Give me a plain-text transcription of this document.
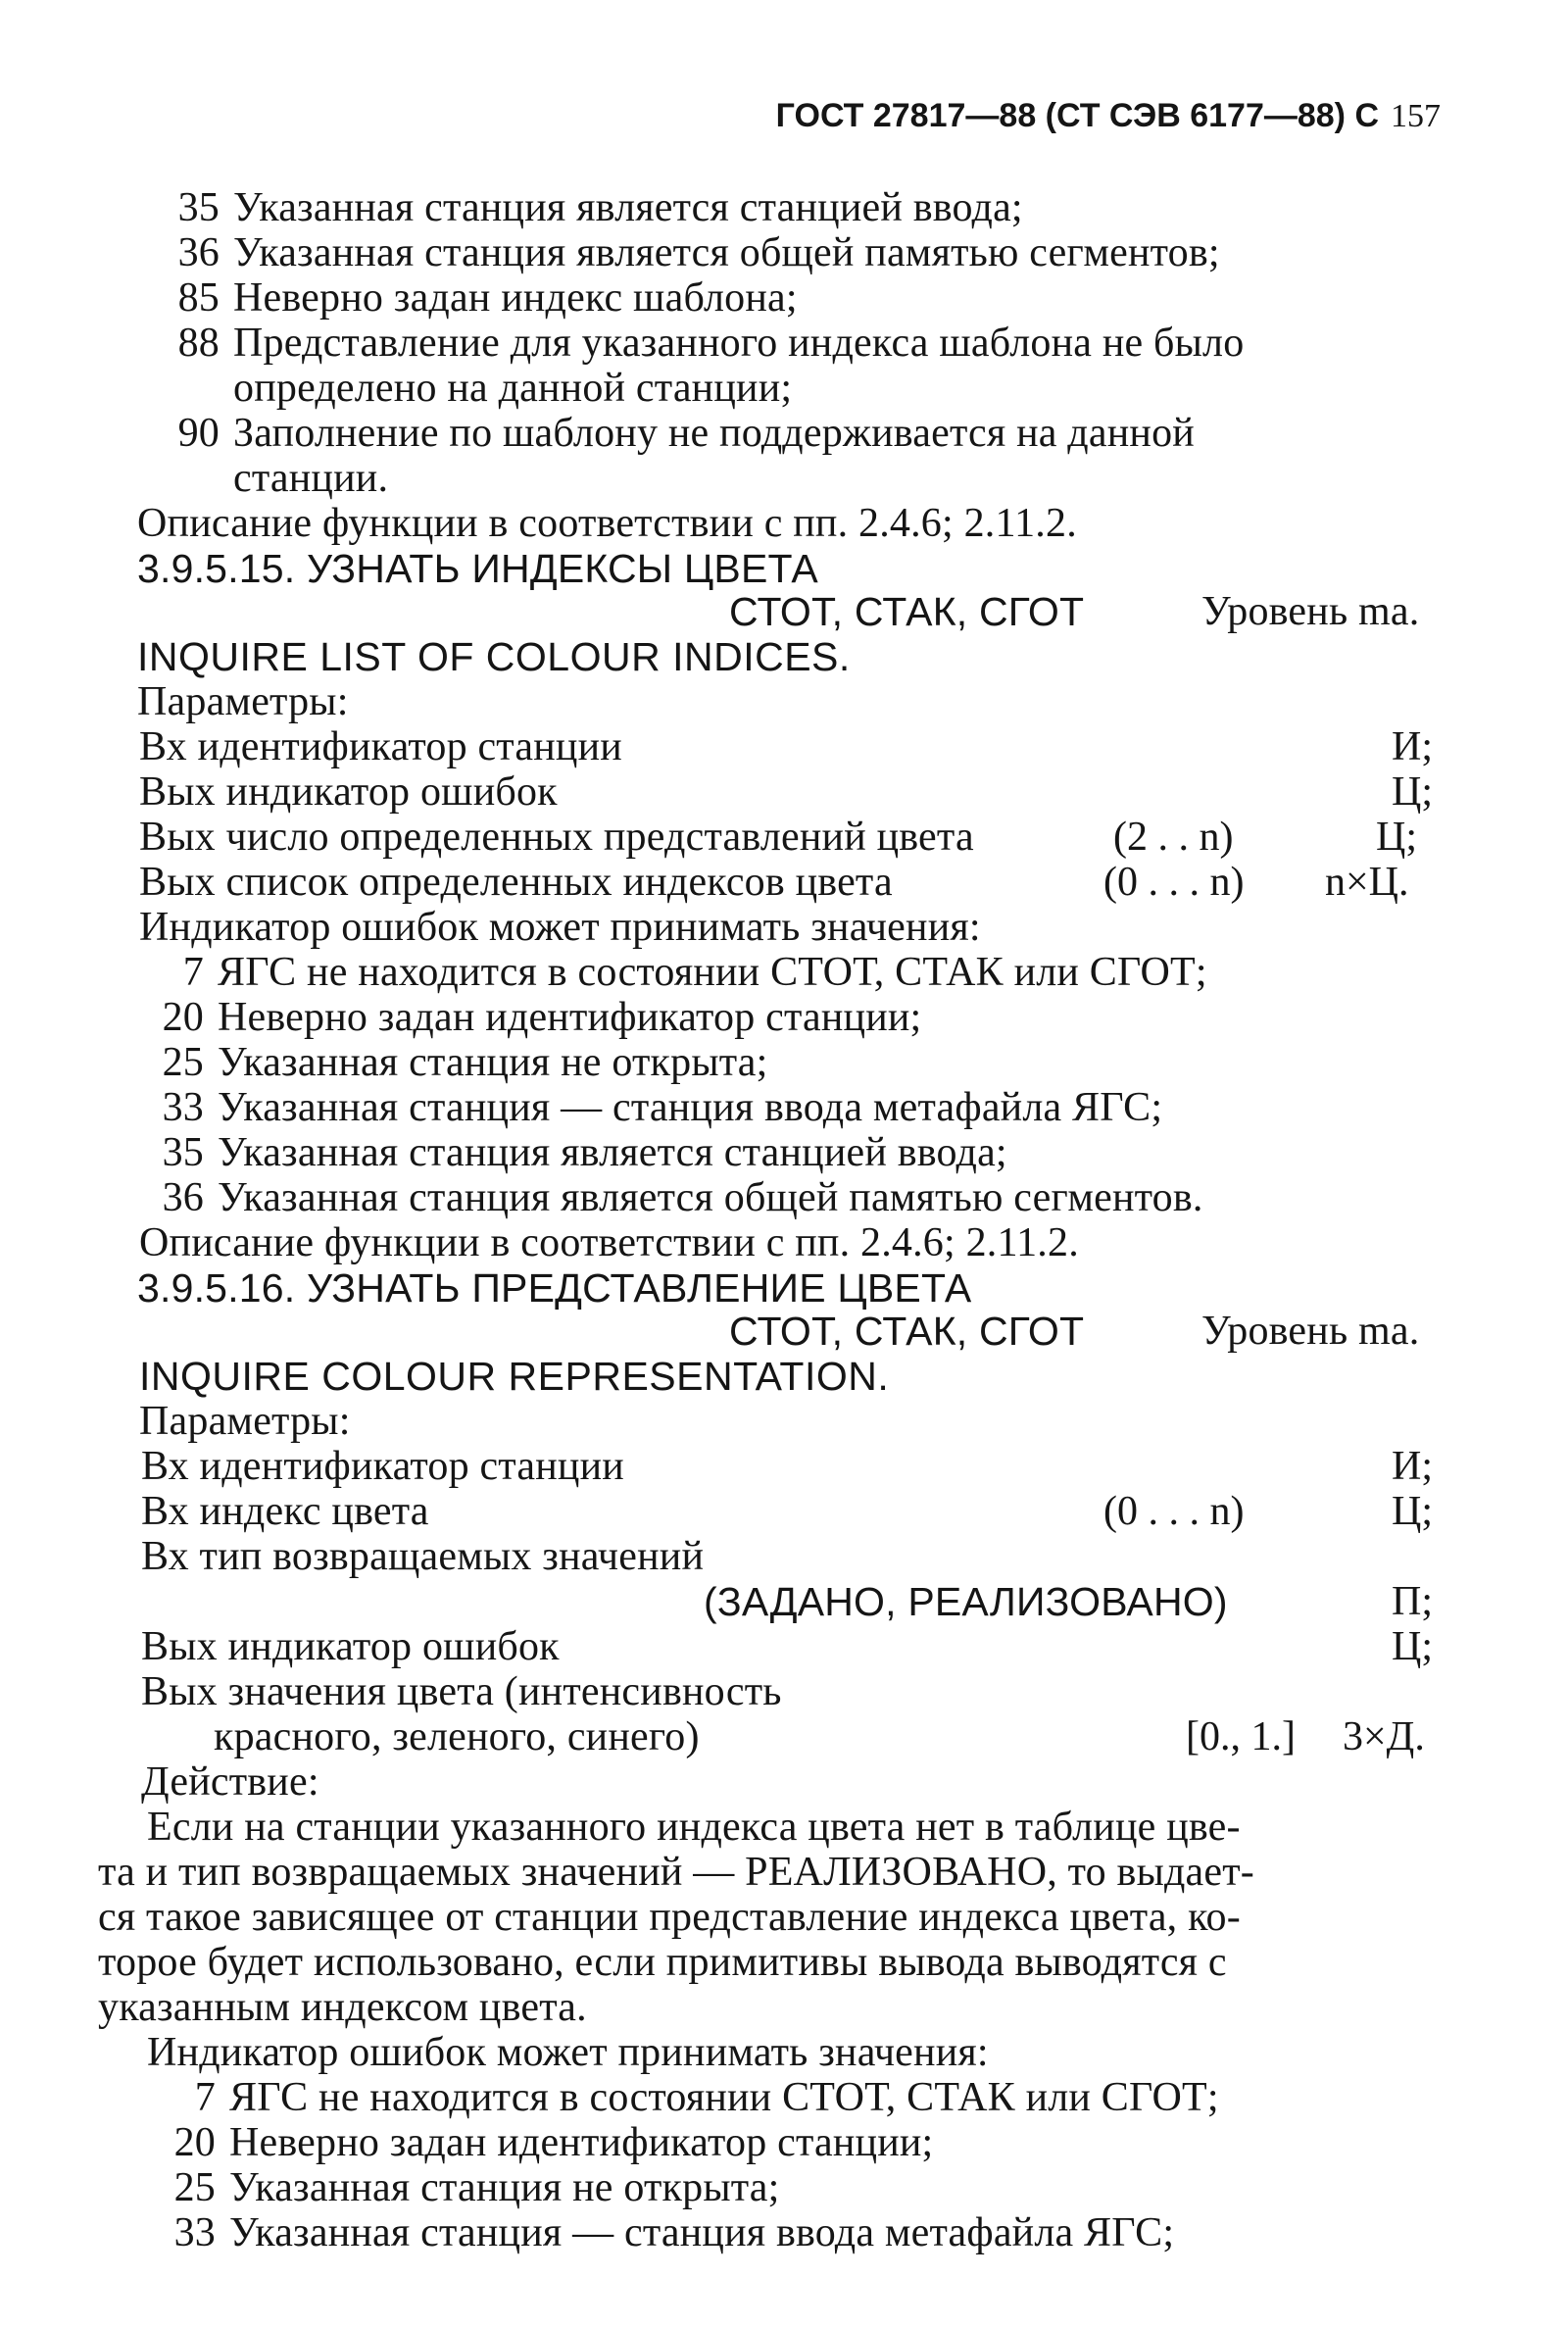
ГОСТ 27817—88 (СТ СЭВ 6177—88) С 157
35 Указанная станция является станцией ввода;
36 Указанная станция является общей памятью сегментов;
85 Неверно задан индекс шаблона;
88 Представление для указанного индекса шаблона не было
определено на данной станции;
90 Заполнение по шаблону не поддерживается на данной
станции.
Описание функции в соответствии с пп. 2.4.6; 2.11.2.
3.9.5.15. УЗНАТЬ ИНДЕКСЫ ЦВЕТА
СТОТ, СТАК, СГОТ	Уровень ma.
INQUIRE LIST OF COLOUR INDICES.
Параметры:
Вх идентификатор станции	И;
Вых индикатор ошибок	Ц;
Вых число определенных представлений цвета	(2 . . n)	Ц;
Вых список определенных индексов цвета	(0 . . . n) n×Ц.
Индикатор ошибок может принимать значения:
7 ЯГС не находится в состоянии СТОТ, СТАК или СГОТ;
20 Неверно задан идентификатор станции;
25 Указанная станция не открыта;
33 Указанная станция — станция ввода метафайла ЯГС;
35 Указанная станция является станцией ввода;
36 Указанная станция является общей памятью сегментов.
Описание функции в соответствии с пп. 2.4.6; 2.11.2.
3.9.5.16. УЗНАТЬ ПРЕДСТАВЛЕНИЕ ЦВЕТА
СТОТ, СТАК, СГОТ	Уровень ma.
INQUIRE COLOUR REPRESENTATION.
Параметры:
Вх идентификатор станции	И;
Вх индекс цвета	(0 . . . n)	Ц;
Вх тип возвращаемых значений
(ЗАДАНО, РЕАЛИЗОВАНО)	П;
Вых индикатор ошибок	Ц;
Вых значения цвета (интенсивность
красного, зеленого, синего)	[0., 1.] 3×Д.
Действие:
Если на станции указанного индекса цвета нет в таблице цве-
та и тип возвращаемых значений — РЕАЛИЗОВАНО, то выдает-
ся такое зависящее от станции представление индекса цвета, ко-
торое будет использовано, если примитивы вывода выводятся с
указанным индексом цвета.
Индикатор ошибок может принимать значения:
7 ЯГС не находится в состоянии СТОТ, СТАК или СГОТ;
20 Неверно задан идентификатор станции;
25 Указанная станция не открыта;
33 Указанная станция — станция ввода метафайла ЯГС;
